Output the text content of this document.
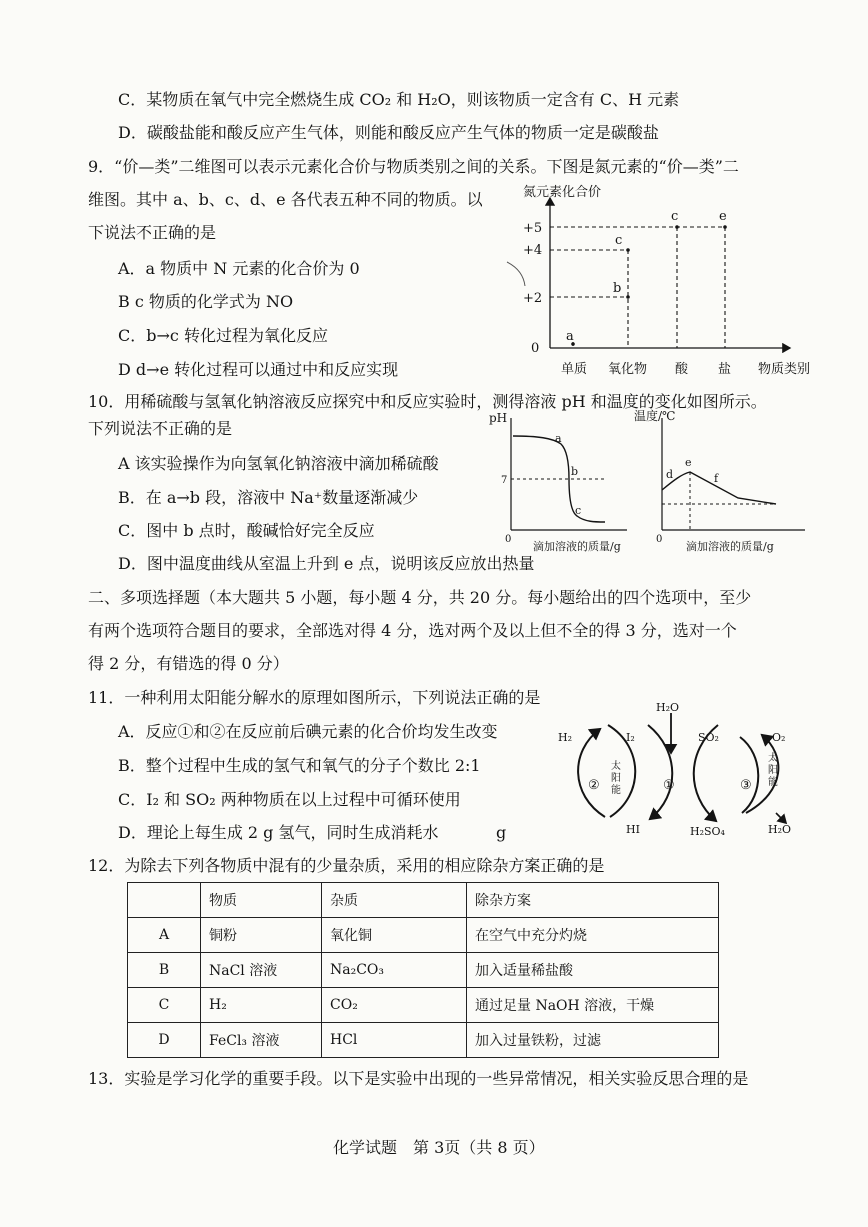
C．某物质在氧气中完全燃烧生成 CO₂ 和 H₂O，则该物质一定含有 C、H 元素
D．碳酸盐能和酸反应产生气体，则能和酸反应产生气体的物质一定是碳酸盐
9．“价—类”二维图可以表示元素化合价与物质类别之间的关系。下图是氮元素的“价—类”二
维图。其中 a、b、c、d、e 各代表五种不同的物质。以
下说法不正确的是
A．a 物质中 N 元素的化合价为 0
B c 物质的化学式为 NO
C．b→c 转化过程为氧化反应
D d→e 转化过程可以通过中和反应实现
氮元素化合价
物质类别
0
+2
+4
+5
单质 氧化物 酸 盐
a
b
c
c	e
10．用稀硫酸与氢氧化钠溶液反应探究中和反应实验时，测得溶液 pH 和温度的变化如图所示。
下列说法不正确的是
A 该实验操作为向氢氧化钠溶液中滴加稀硫酸
B．在 a→b 段，溶液中 Na⁺数量逐渐减少
C．图中 b 点时，酸碱恰好完全反应
D．图中温度曲线从室温上升到 e 点，说明该反应放出热量
pH
0
7
a
b
c
滴加溶液的质量/g
温度/℃
0
d
e
f
滴加溶液的质量/g
二、多项选择题（本大题共 5 小题，每小题 4 分，共 20 分。每小题给出的四个选项中，至少
有两个选项符合题目的要求，全部选对得 4 分，选对两个及以上但不全的得 3 分，选对一个
得 2 分，有错选的得 0 分）
11．一种利用太阳能分解水的原理如图所示，下列说法正确的是
A．反应①和②在反应前后碘元素的化合价均发生改变
B．整个过程中生成的氢气和氧气的分子个数比 2:1
C．I₂ 和 SO₂ 两种物质在以上过程中可循环使用
D．理论上每生成 2 g 氢气，同时生成消耗水	g
H₂	I₂
H₂O
SO₂	O₂
HI	H₂SO₄	H₂O
②	①	③
太
阳
能
太
阳
能
12．为除去下列各物质中混有的少量杂质，采用的相应除杂方案正确的是
	物质	杂质	除杂方案
A	铜粉	氧化铜	在空气中充分灼烧
B	NaCl 溶液	Na₂CO₃	加入适量稀盐酸
C	H₂	CO₂	通过足量 NaOH 溶液，干燥
D	FeCl₃ 溶液	HCl	加入过量铁粉，过滤
13．实验是学习化学的重要手段。以下是实验中出现的一些异常情况，相关实验反思合理的是
化学试题　第 3页（共 8 页）
